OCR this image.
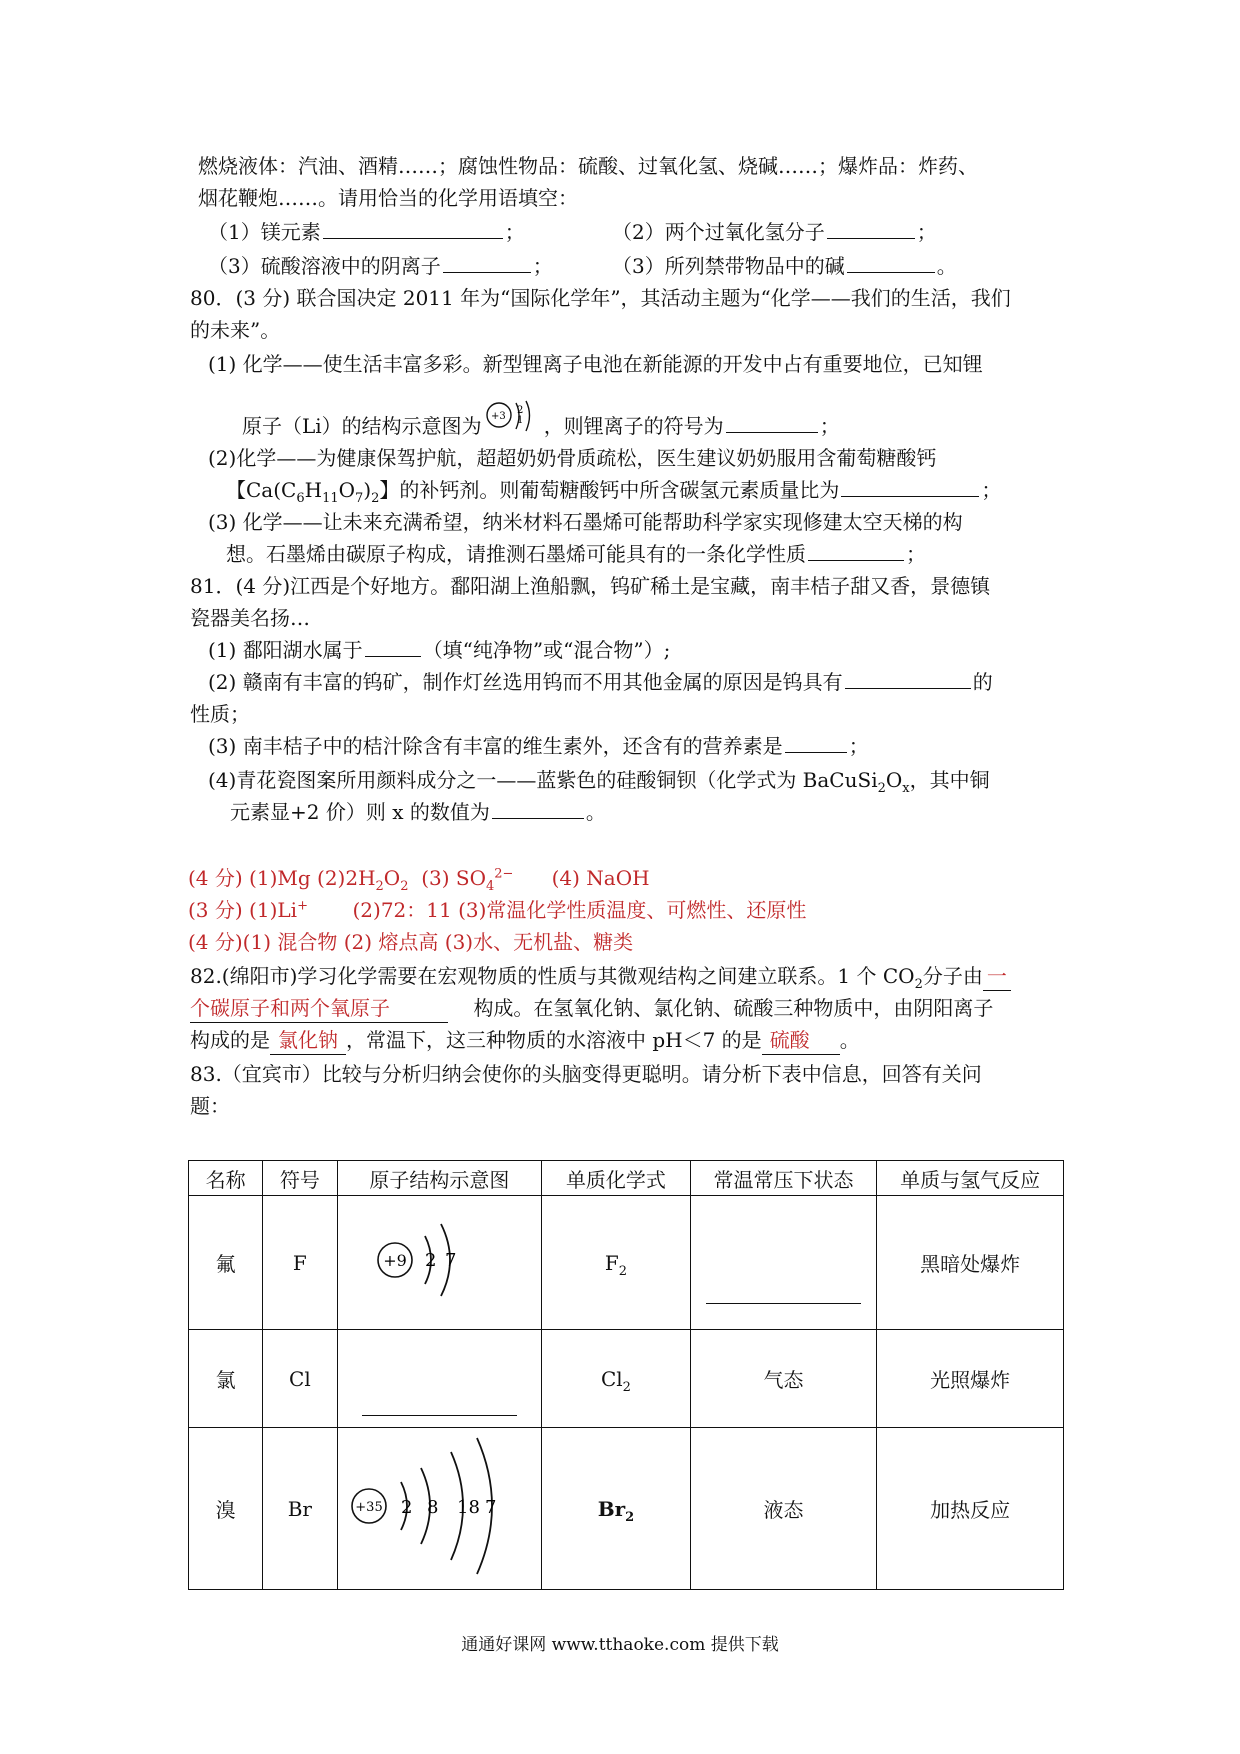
燃烧液体：汽油、酒精……；腐蚀性物品：硫酸、过氧化氢、烧碱……；爆炸品：炸药、
烟花鞭炮……。请用恰当的化学用语填空：
（1）镁元素	；	（2）两个过氧化氢分子	；
（3）硫酸溶液中的阴离子	；	（3）所列禁带物品中的碱	。
80．(3 分) 联合国决定 2011 年为“国际化学年”，其活动主题为“化学——我们的生活，我们
的未来”。
(1) 化学——使生活丰富多彩。新型锂离子电池在新能源的开发中占有重要地位，已知锂
原子（Li）的结构示意图为 +3
2
1 ，则锂离子的符号为	；
(2)化学——为健康保驾护航，超超奶奶骨质疏松，医生建议奶奶服用含葡萄糖酸钙
【$Ca(C_6H_{11}O_7)_2$】的补钙剂。则葡萄糖酸钙中所含碳氢元素质量比为	；
(3) 化学——让未来充满希望，纳米材料石墨烯可能帮助科学家实现修建太空天梯的构
想。石墨烯由碳原子构成，请推测石墨烯可能具有的一条化学性质	；
81．(4 分)江西是个好地方。鄱阳湖上渔船飘，钨矿稀土是宝藏，南丰桔子甜又香，景德镇
瓷器美名扬…
(1) 鄱阳湖水属于	（填“纯净物”或“混合物”）;
(2) 赣南有丰富的钨矿，制作灯丝选用钨而不用其他金属的原因是钨具有	的
性质；
(3) 南丰桔子中的桔汁除含有丰富的维生素外，还含有的营养素是	；
(4)青花瓷图案所用颜料成分之一——蓝紫色的硅酸铜钡（化学式为 $BaCuSi_2O_x$，其中铜
元素显+2 价）则 x 的数值为	。
(4 分) (1)Mg $(2)2H_2O_2$ (3) $SO_4^{2-}$ (4) NaOH
(3 分) (1)Li+ (2)72：11 (3)常温化学性质温度、可燃性、还原性
(4 分)(1) 混合物 (2) 熔点高 (3)水、无机盐、糖类
82.(绵阳市)学习化学需要在宏观物质的性质与其微观结构之间建立联系。1 个 $CO_2$分子由 一
个碳原子和两个氧原子	构成。在氢氧化钠、氯化钠、硫酸三种物质中，由阴阳离子
构成的是 氯化钠 ，常温下，这三种物质的水溶液中 pH＜7 的是 硫酸 。
83.（宜宾市）比较与分析归纳会使你的头脑变得更聪明。请分析下表中信息，回答有关问
题：
名称	符号	原子结构示意图	单质化学式	常温常压下状态	单质与氢气反应
氟	F	+9 2 7	$F_2$		黑暗处爆炸
氯	Cl		$Cl_2$	气态	光照爆炸
溴	Br	+35 2 8 18 7	$Br_2$	液态	加热反应
通通好课网 www.tthaoke.com 提供下载
